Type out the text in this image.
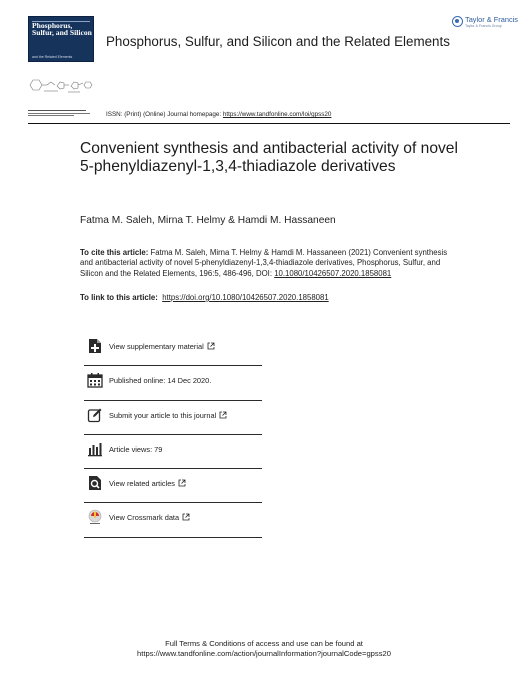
Phosphorus, Sulfur, and Silicon
and the Related Elements
Phosphorus, Sulfur, and Silicon and the Related Elements
Taylor & Francis
Taylor & Francis Group
ISSN: (Print) (Online) Journal homepage: https://www.tandfonline.com/loi/gpss20
Convenient synthesis and antibacterial activity of novel 5-phenyldiazenyl-1,3,4-thiadiazole derivatives
Fatma M. Saleh, Mirna T. Helmy & Hamdi M. Hassaneen
To cite this article: Fatma M. Saleh, Mirna T. Helmy & Hamdi M. Hassaneen (2021) Convenient synthesis and antibacterial activity of novel 5-phenyldiazenyl-1,3,4-thiadiazole derivatives, Phosphorus, Sulfur, and Silicon and the Related Elements, 196:5, 486-496, DOI: 10.1080/10426507.2020.1858081
To link to this article: https://doi.org/10.1080/10426507.2020.1858081
View supplementary material
Published online: 14 Dec 2020.
Submit your article to this journal
Article views: 79
View related articles
View Crossmark data
Full Terms & Conditions of access and use can be found at
https://www.tandfonline.com/action/journalInformation?journalCode=gpss20
